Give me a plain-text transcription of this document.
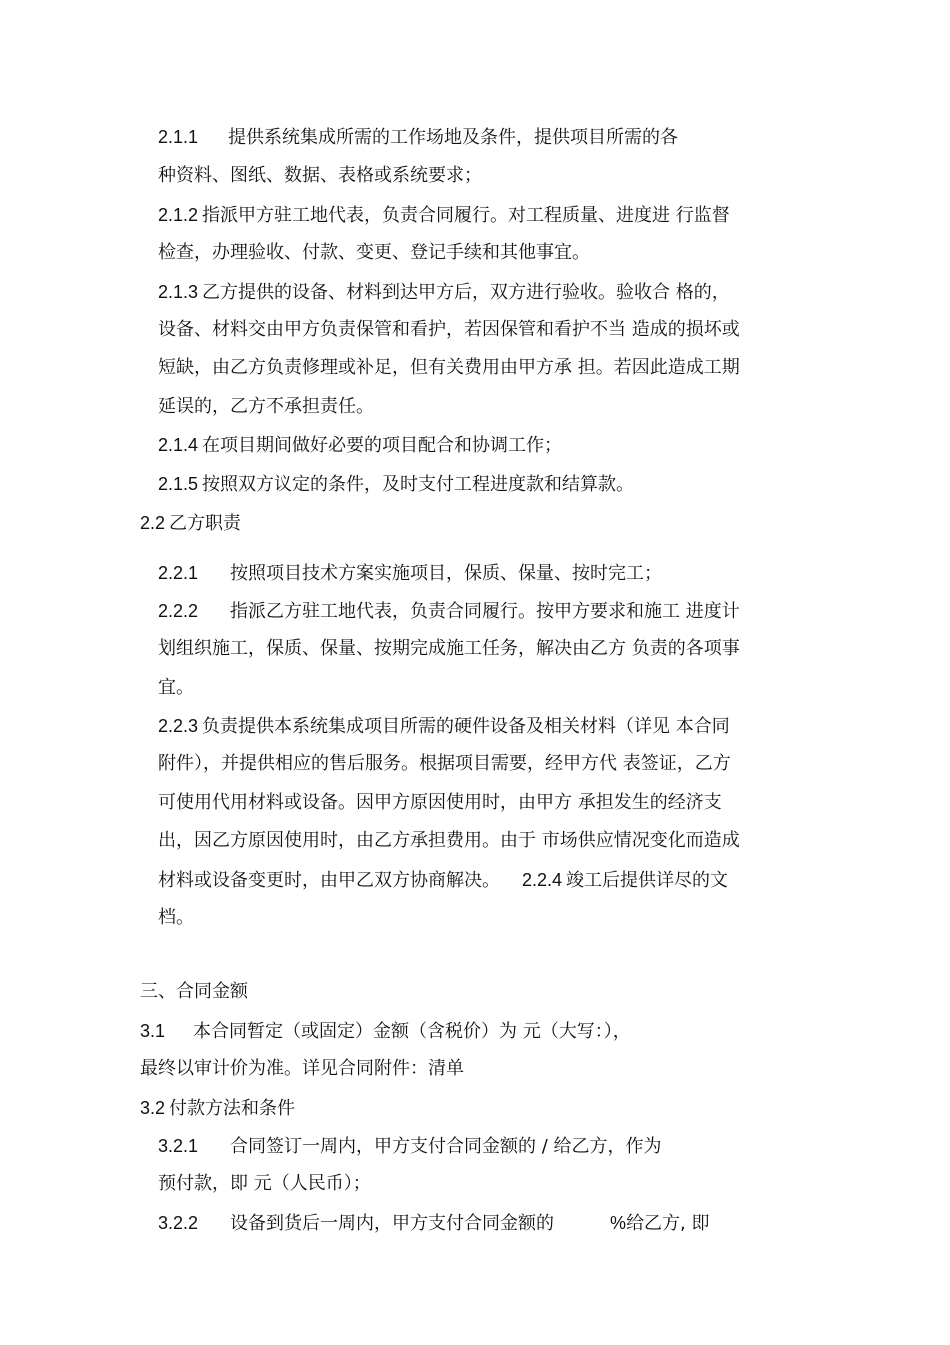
2.1.1 提供系统集成所需的工作场地及条件，提供项目所需的各
种资料、图纸、数据、表格或系统要求；
2.1.2 指派甲方驻工地代表，负责合同履行。对工程质量、进度进 行监督
检查，办理验收、付款、变更、登记手续和其他事宜。
2.1.3 乙方提供的设备、材料到达甲方后，双方进行验收。验收合 格的，
设备、材料交由甲方负责保管和看护，若因保管和看护不当 造成的损坏或
短缺，由乙方负责修理或补足，但有关费用由甲方承 担。若因此造成工期
延误的，乙方不承担责任。
2.1.4 在项目期间做好必要的项目配合和协调工作；
2.1.5 按照双方议定的条件，及时支付工程进度款和结算款。
2.2 乙方职责
2.2.1 按照项目技术方案实施项目，保质、保量、按时完工；
2.2.2 指派乙方驻工地代表，负责合同履行。按甲方要求和施工 进度计
划组织施工，保质、保量、按期完成施工任务，解决由乙方 负责的各项事
宜。
2.2.3 负责提供本系统集成项目所需的硬件设备及相关材料（详见 本合同
附件），并提供相应的售后服务。根据项目需要，经甲方代 表签证，乙方
可使用代用材料或设备。因甲方原因使用时，由甲方 承担发生的经济支
出，因乙方原因使用时，由乙方承担费用。由于 市场供应情况变化而造成
材料或设备变更时，由甲乙双方协商解决。 2.2.4 竣工后提供详尽的文
档。
三、合同金额
3.1 本合同暂定（或固定）金额（含税价）为 元（大写：），
最终以审计价为准。详见合同附件：清单
3.2 付款方法和条件
3.2.1 合同签订一周内，甲方支付合同金额的 / 给乙方，作为
预付款，即 元（人民币）；
3.2.2 设备到货后一周内，甲方支付合同金额的	%给乙方, 即
